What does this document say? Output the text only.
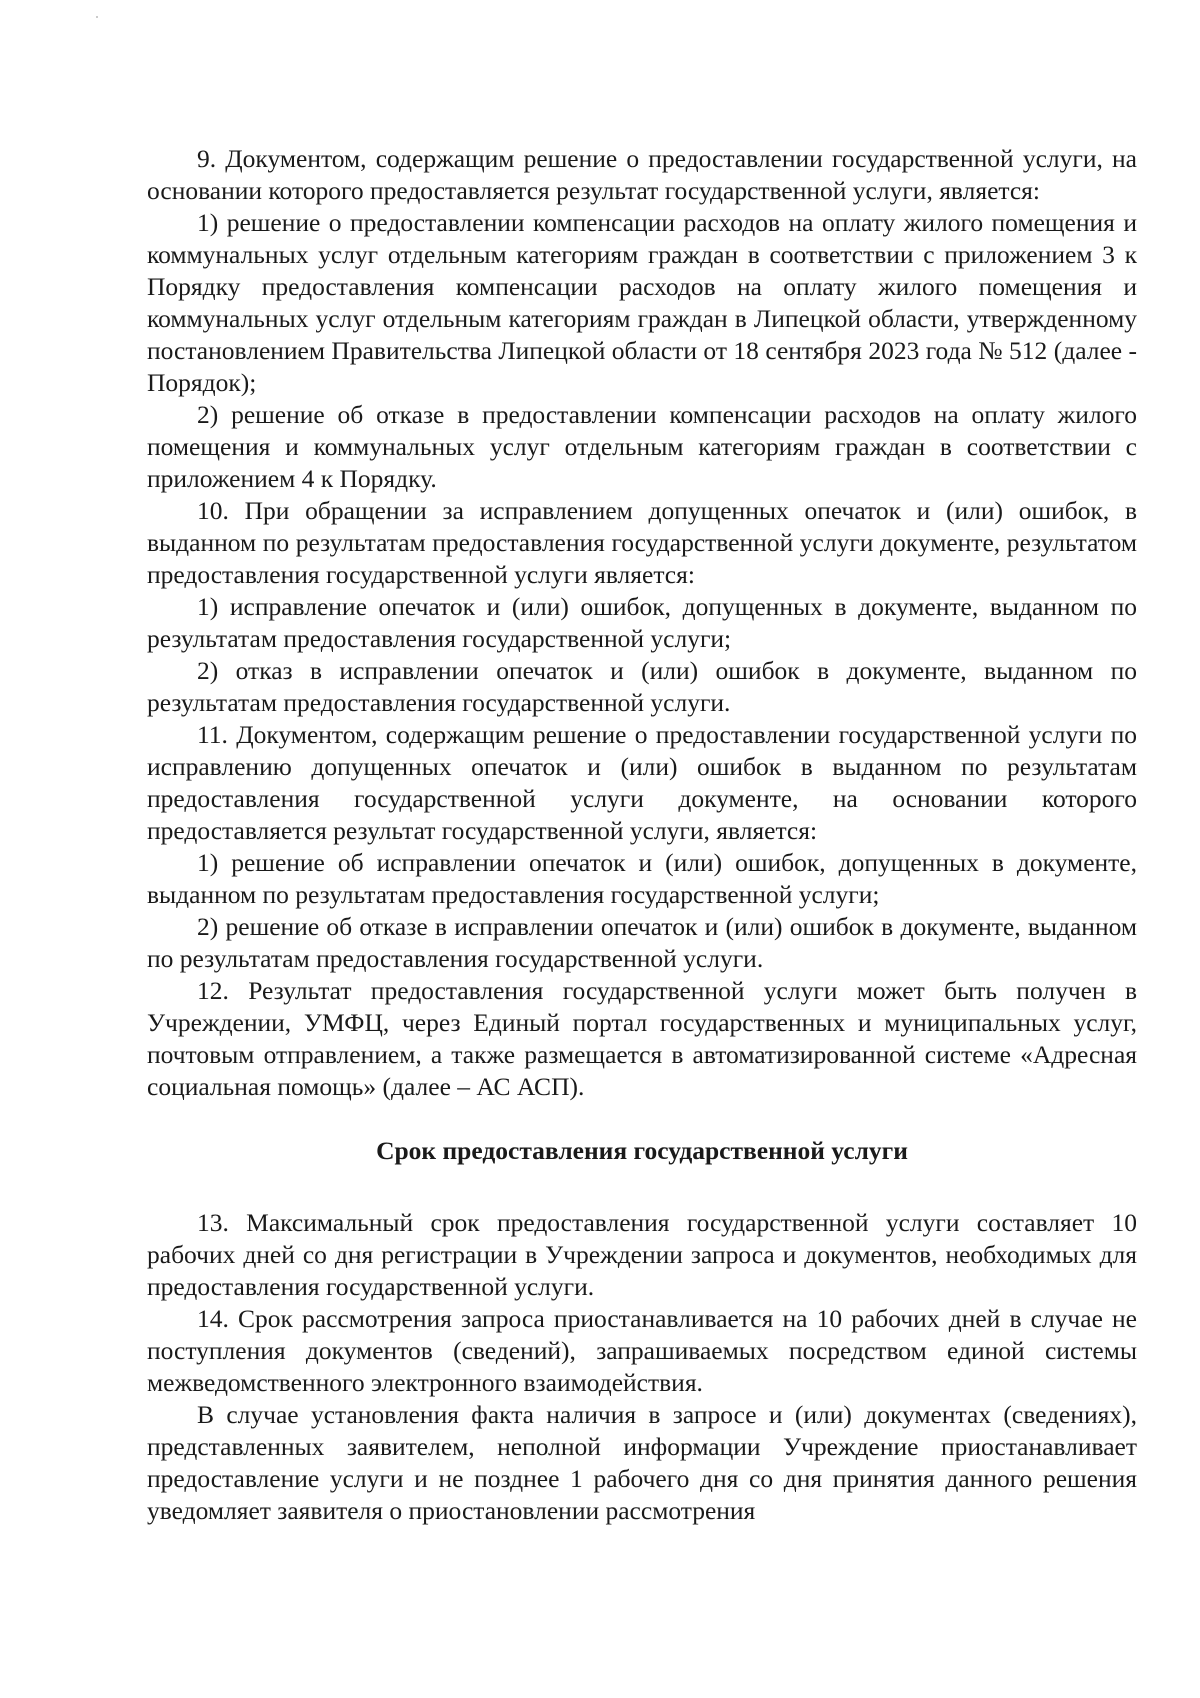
9. Документом, содержащим решение о предоставлении государственной услуги, на основании которого предоставляется результат государственной услуги, является:

1) решение о предоставлении компенсации расходов на оплату жилого помещения и коммунальных услуг отдельным категориям граждан в соответствии с приложением 3 к Порядку предоставления компенсации расходов на оплату жилого помещения и коммунальных услуг отдельным категориям граждан в Липецкой области, утвержденному постановлением Правительства Липецкой области от 18 сентября 2023 года № 512 (далее - Порядок);

2) решение об отказе в предоставлении компенсации расходов на оплату жилого помещения и коммунальных услуг отдельным категориям граждан в соответствии с приложением 4 к Порядку.

10. При обращении за исправлением допущенных опечаток и (или) ошибок, в выданном по результатам предоставления государственной услуги документе, результатом предоставления государственной услуги является:

1) исправление опечаток и (или) ошибок, допущенных в документе, выданном по результатам предоставления государственной услуги;

2) отказ в исправлении опечаток и (или) ошибок в документе, выданном по результатам предоставления государственной услуги.

11. Документом, содержащим решение о предоставлении государственной услуги по исправлению допущенных опечаток и (или) ошибок в выданном по результатам предоставления государственной услуги документе, на основании которого предоставляется результат государственной услуги, является:

1) решение об исправлении опечаток и (или) ошибок, допущенных в документе, выданном по результатам предоставления государственной услуги;

2) решение об отказе в исправлении опечаток и (или) ошибок в документе, выданном по результатам предоставления государственной услуги.

12. Результат предоставления государственной услуги может быть получен в Учреждении, УМФЦ, через Единый портал государственных и муниципальных услуг, почтовым отправлением, а также размещается в автоматизированной системе «Адресная социальная помощь» (далее – АС АСП).

Срок предоставления государственной услуги

13. Максимальный срок предоставления государственной услуги составляет 10 рабочих дней со дня регистрации в Учреждении запроса и документов, необходимых для предоставления государственной услуги.

14. Срок рассмотрения запроса приостанавливается на 10 рабочих дней в случае не поступления документов (сведений), запрашиваемых посредством единой системы межведомственного электронного взаимодействия.

В случае установления факта наличия в запросе и (или) документах (сведениях), представленных заявителем, неполной информации Учреждение приостанавливает предоставление услуги и не позднее 1 рабочего дня со дня принятия данного решения уведомляет заявителя о приостановлении рассмотрения
